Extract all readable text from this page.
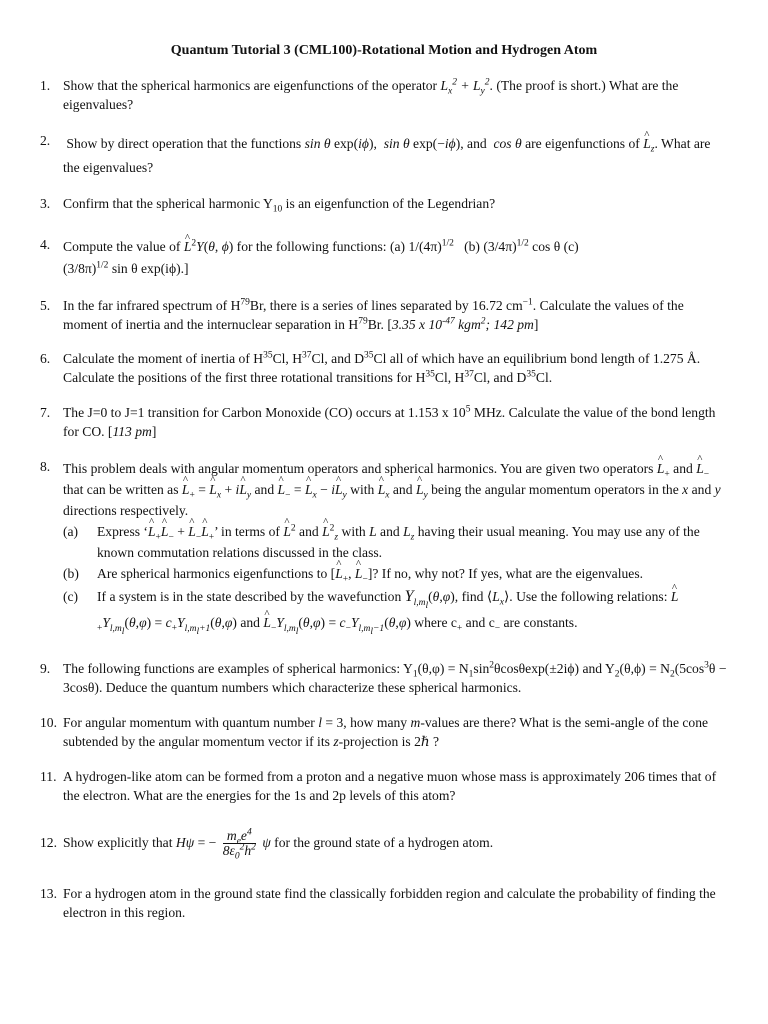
Quantum Tutorial 3 (CML100)-Rotational Motion and Hydrogen Atom
1. Show that the spherical harmonics are eigenfunctions of the operator $L_x^2 + L_y^2$. (The proof is short.) What are the eigenvalues?
2. Show by direct operation that the functions sin θ exp(iϕ),  sin θ exp(−iϕ), and  cos θ are eigenfunctions of ^ $L_z$. What are the eigenvalues?
3. Confirm that the spherical harmonic $Y_{10}$ is an eigenfunction of the Legendrian?
4. Compute the value of ^ $L^2Y(\theta$, ϕ) for the following functions: (a) $1/(4\pi)^{1/2}$ (b) $(3/4\pi)^{1/2}$ cos θ (c)
$(3/8\pi)^{1/2}$ sin θ exp(iϕ).]
5. In the far infrared spectrum of $H^{79}Br$, there is a series of lines separated by 16.72 $cm^{-1}$. Calculate the values of the moment of inertia and the internuclear separation in $H^{79}Br$. [3.35 x $10^{-47}$ kgm$^2$; 142 pm]
6. Calculate the moment of inertia of $H^{35}Cl$, $H^{37}Cl$, and $D^{35}Cl$ all of which have an equilibrium bond length of 1.275 Å. Calculate the positions of the first three rotational transitions for $H^{35}Cl$, $H^{37}Cl$, and $D^{35}Cl$.
7. The J=0 to J=1 transition for Carbon Monoxide (CO) occurs at 1.153 x $10^5$ MHz. Calculate the value of the bond length for CO. [113 pm]
8. This problem deals with angular momentum operators and spherical harmonics. You are given two operators ^ $L_+$ and ^ $L_-$ that can be written as ^ $L_+$ = ^ $L_x$ + i^ $L_y$ and ^ $L_-$ = ^ $L_x$ − i^ $L_y$ with ^ $L_x$ and ^ $L_y$ being the angular momentum operators in the x and y directions respectively.
(a) Express ‘^ $L_+\^{}$ $L_-$ + ^ $L_-\^{}$ $L_+$’ in terms of ^ $L^2$ and ^ $L^2_z$ with L and $L_z$ having their usual meaning. You may use any of the known commutation relations discussed in the class.
(b) Are spherical harmonics eigenfunctions to [^ $L_+$, ^ $L_-$]? If no, why not? If yes, what are the eigenvalues.
(c) If a system is in the state described by the wavefunction $Y_{l,m_l}(\theta,\varphi)$, find $⟨L_x⟩$. Use the following relations: ^ $L_+Y_{l,m_l}(\theta,\varphi) = c_+Y_{l,m_l+1}(\theta,\varphi)$ and ^ $L_-Y_{l,m_l}(\theta,\varphi) = c_-Y_{l,m_l-1}(\theta,\varphi)$ where $c_+$ and $c_-$ are constants.
9. The following functions are examples of spherical harmonics: $Y_1(\theta,\varphi) = N_1\sin^2\theta\cos\theta\exp(\pm 2i\phi)$ and $Y_2(\theta,\phi) = N_2(5\cos^3\theta - 3\cos\theta)$. Deduce the quantum numbers which characterize these spherical harmonics.
10. For angular momentum with quantum number l = 3, how many m-values are there? What is the semi-angle of the cone subtended by the angular momentum vector if its z-projection is 2ℏ ?
11. A hydrogen-like atom can be formed from a proton and a negative muon whose mass is approximately 206 times that of the electron. What are the energies for the 1s and 2p levels of this atom?
12. Show explicitly that Hψ = − $\frac{m_ee^4}{8\varepsilon_0^2h^2}$ ψ for the ground state of a hydrogen atom.
13. For a hydrogen atom in the ground state find the classically forbidden region and calculate the probability of finding the electron in this region.
